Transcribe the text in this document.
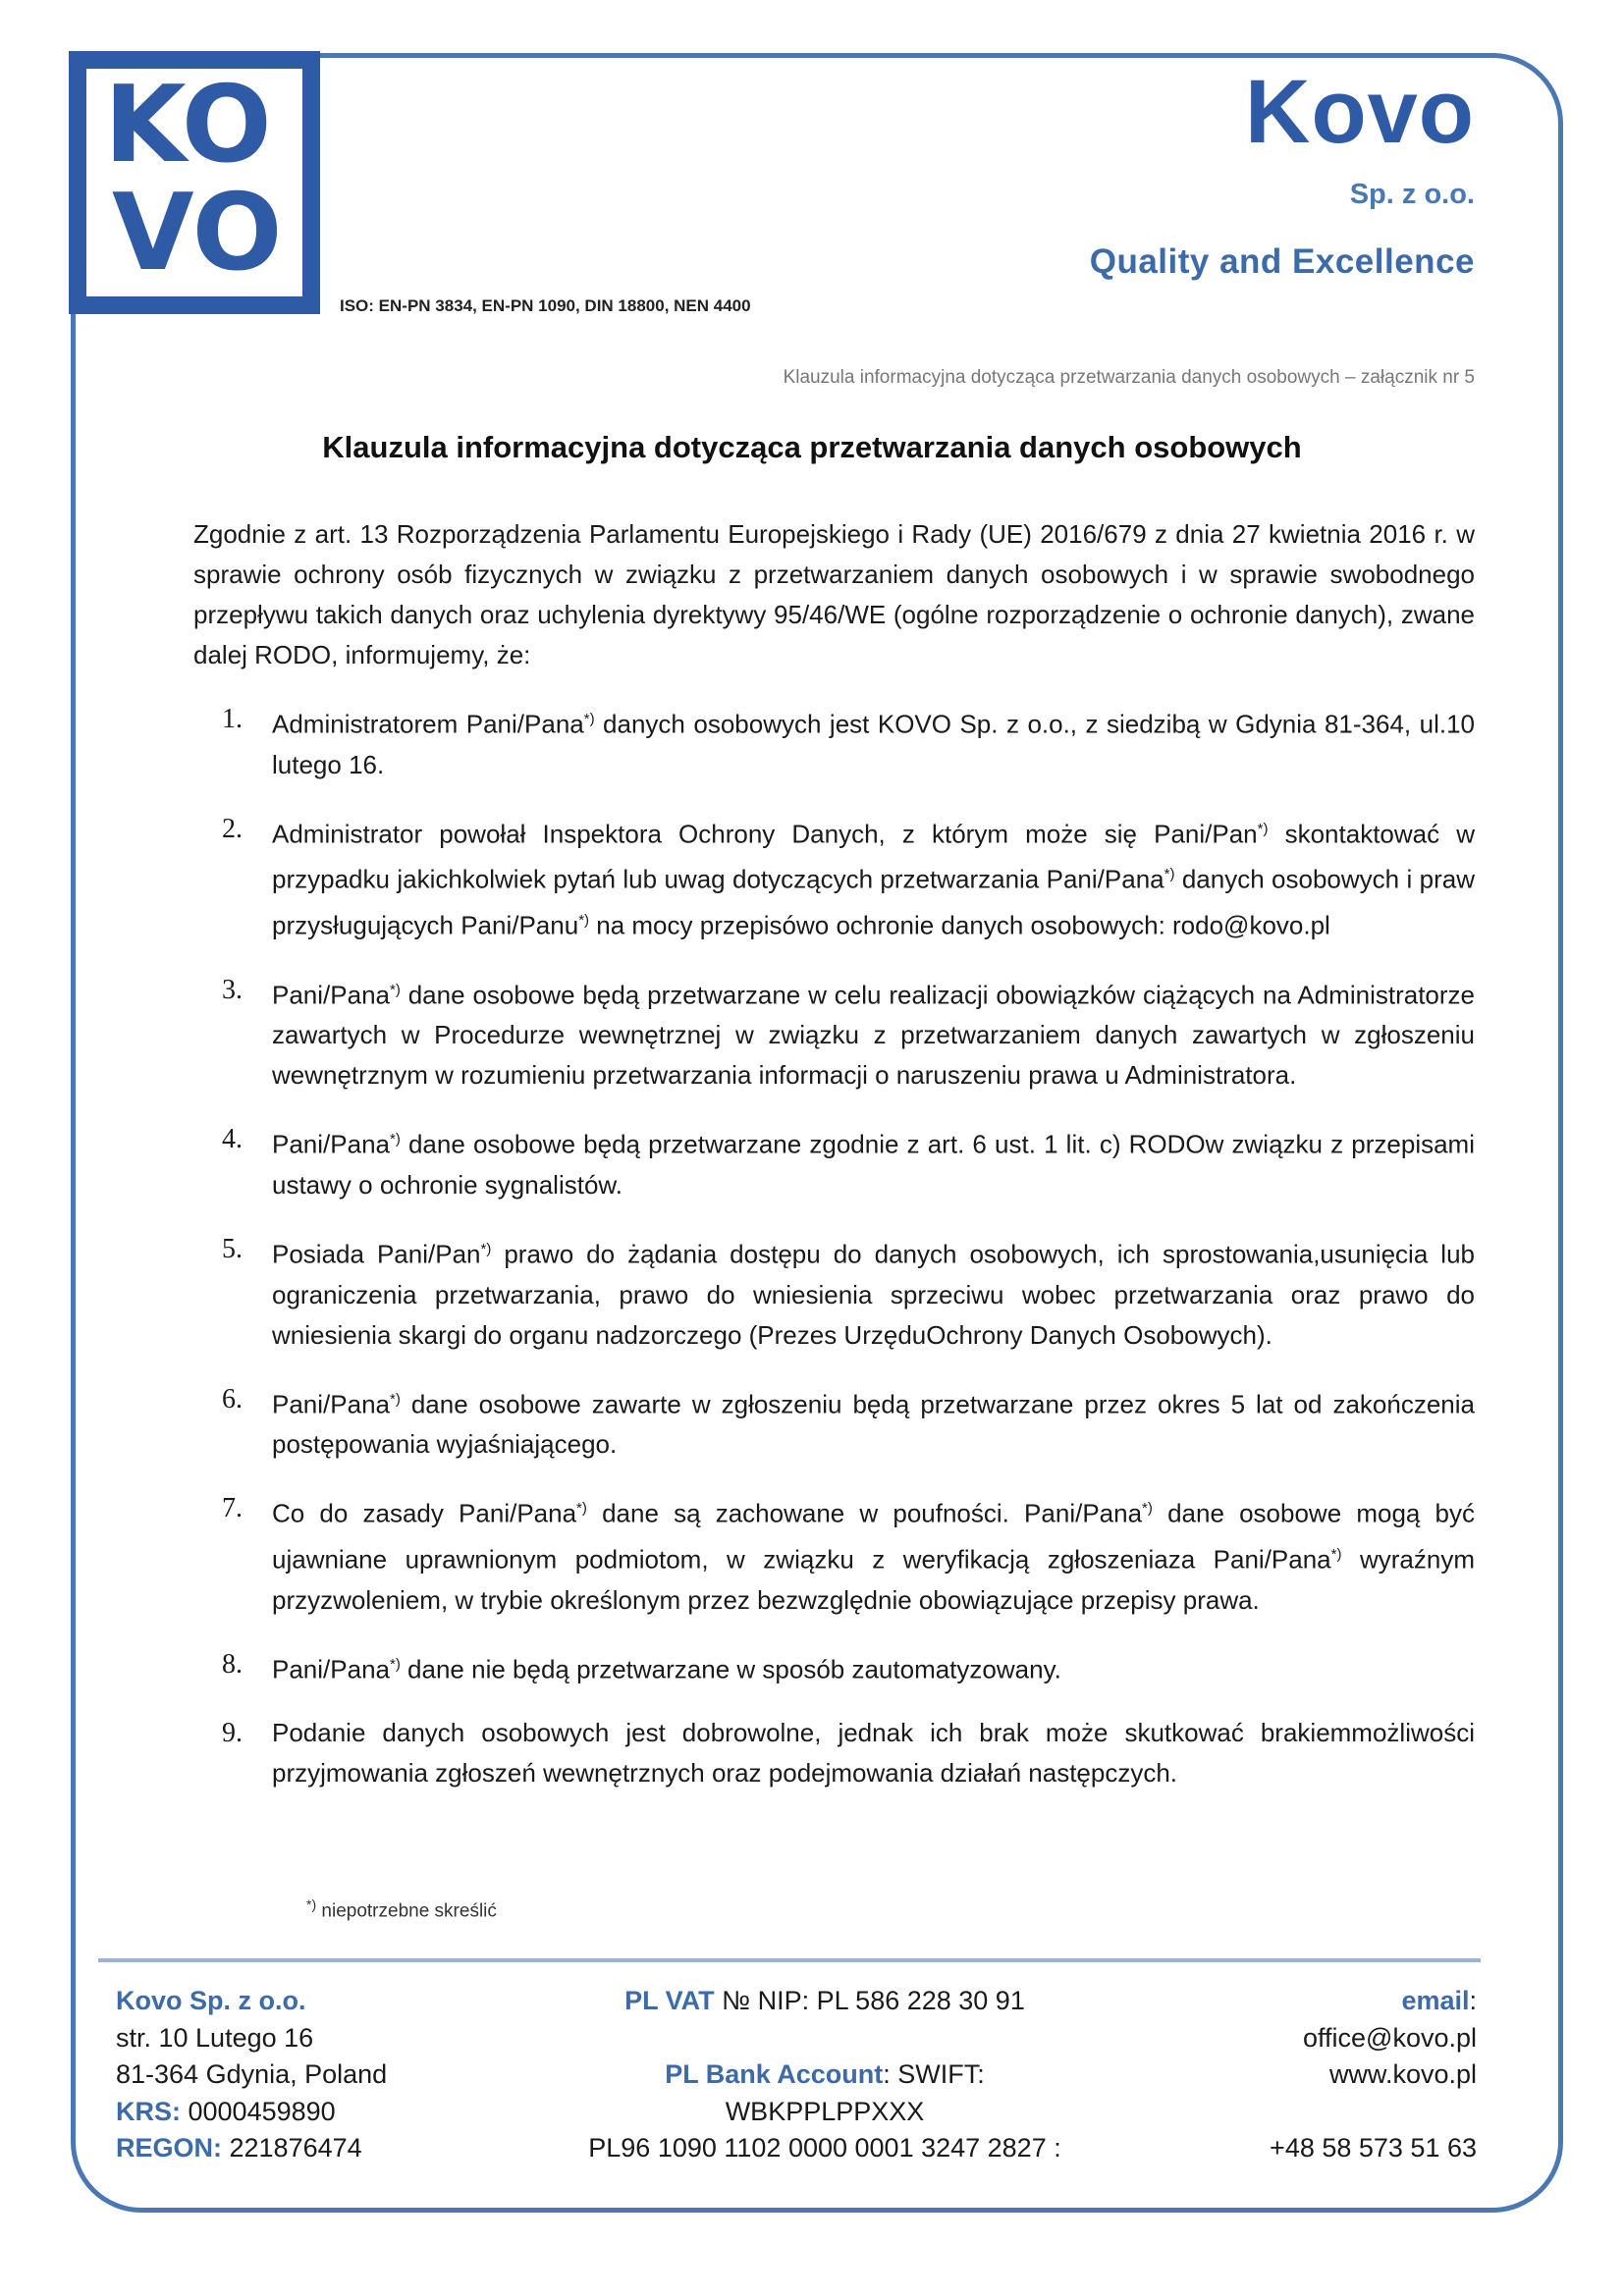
KO
VO
ISO: EN-PN 3834, EN-PN 1090, DIN 18800, NEN 4400
Kovo
Sp. z o.o.
Quality and Excellence
Klauzula informacyjna dotycząca przetwarzania danych osobowych – załącznik nr 5
Klauzula informacyjna dotycząca przetwarzania danych osobowych
Zgodnie z art. 13 Rozporządzenia Parlamentu Europejskiego i Rady (UE) 2016/679 z dnia 27 kwietnia 2016 r. w sprawie ochrony osób fizycznych w związku z przetwarzaniem danych osobowych i w sprawie swobodnego przepływu takich danych oraz uchylenia dyrektywy 95/46/WE (ogólne rozporządzenie o ochronie danych), zwane dalej RODO, informujemy, że:
1. Administratorem Pani/Pana*) danych osobowych jest KOVO Sp. z o.o., z siedzibą w Gdynia 81-364, ul.10 lutego 16.
2. Administrator powołał Inspektora Ochrony Danych, z którym może się Pani/Pan*) skontaktować w przypadku jakichkolwiek pytań lub uwag dotyczących przetwarzania Pani/Pana*) danych osobowych i praw przysługujących Pani/Panu*) na mocy przepisówo ochronie danych osobowych: rodo@kovo.pl
3. Pani/Pana*) dane osobowe będą przetwarzane w celu realizacji obowiązków ciążących na Administratorze zawartych w Procedurze wewnętrznej w związku z przetwarzaniem danych zawartych w zgłoszeniu wewnętrznym w rozumieniu przetwarzania informacji o naruszeniu prawa u Administratora.
4. Pani/Pana*) dane osobowe będą przetwarzane zgodnie z art. 6 ust. 1 lit. c) RODOw związku z przepisami ustawy o ochronie sygnalistów.
5. Posiada Pani/Pan*) prawo do żądania dostępu do danych osobowych, ich sprostowania,usunięcia lub ograniczenia przetwarzania, prawo do wniesienia sprzeciwu wobec przetwarzania oraz prawo do wniesienia skargi do organu nadzorczego (Prezes UrzęduOchrony Danych Osobowych).
6. Pani/Pana*) dane osobowe zawarte w zgłoszeniu będą przetwarzane przez okres 5 lat od zakończenia postępowania wyjaśniającego.
7. Co do zasady Pani/Pana*) dane są zachowane w poufności. Pani/Pana*) dane osobowe mogą być ujawniane uprawnionym podmiotom, w związku z weryfikacją zgłoszeniaza Pani/Pana*) wyraźnym przyzwoleniem, w trybie określonym przez bezwzględnie obowiązujące przepisy prawa.
8. Pani/Pana*) dane nie będą przetwarzane w sposób zautomatyzowany.
9. Podanie danych osobowych jest dobrowolne, jednak ich brak może skutkować brakiemmożliwości przyjmowania zgłoszeń wewnętrznych oraz podejmowania działań następczych.
*) niepotrzebne skreślić
Kovo Sp. z o.o.
str. 10 Lutego 16
81-364 Gdynia, Poland
KRS: 0000459890
REGON: 221876474
PL VAT № NIP: PL 586 228 30 91
PL Bank Account: SWIFT: WBKPPLPPXXX
PL96 1090 1102 0000 0001 3247 2827 :
email:
office@kovo.pl
www.kovo.pl
+48 58 573 51 63
